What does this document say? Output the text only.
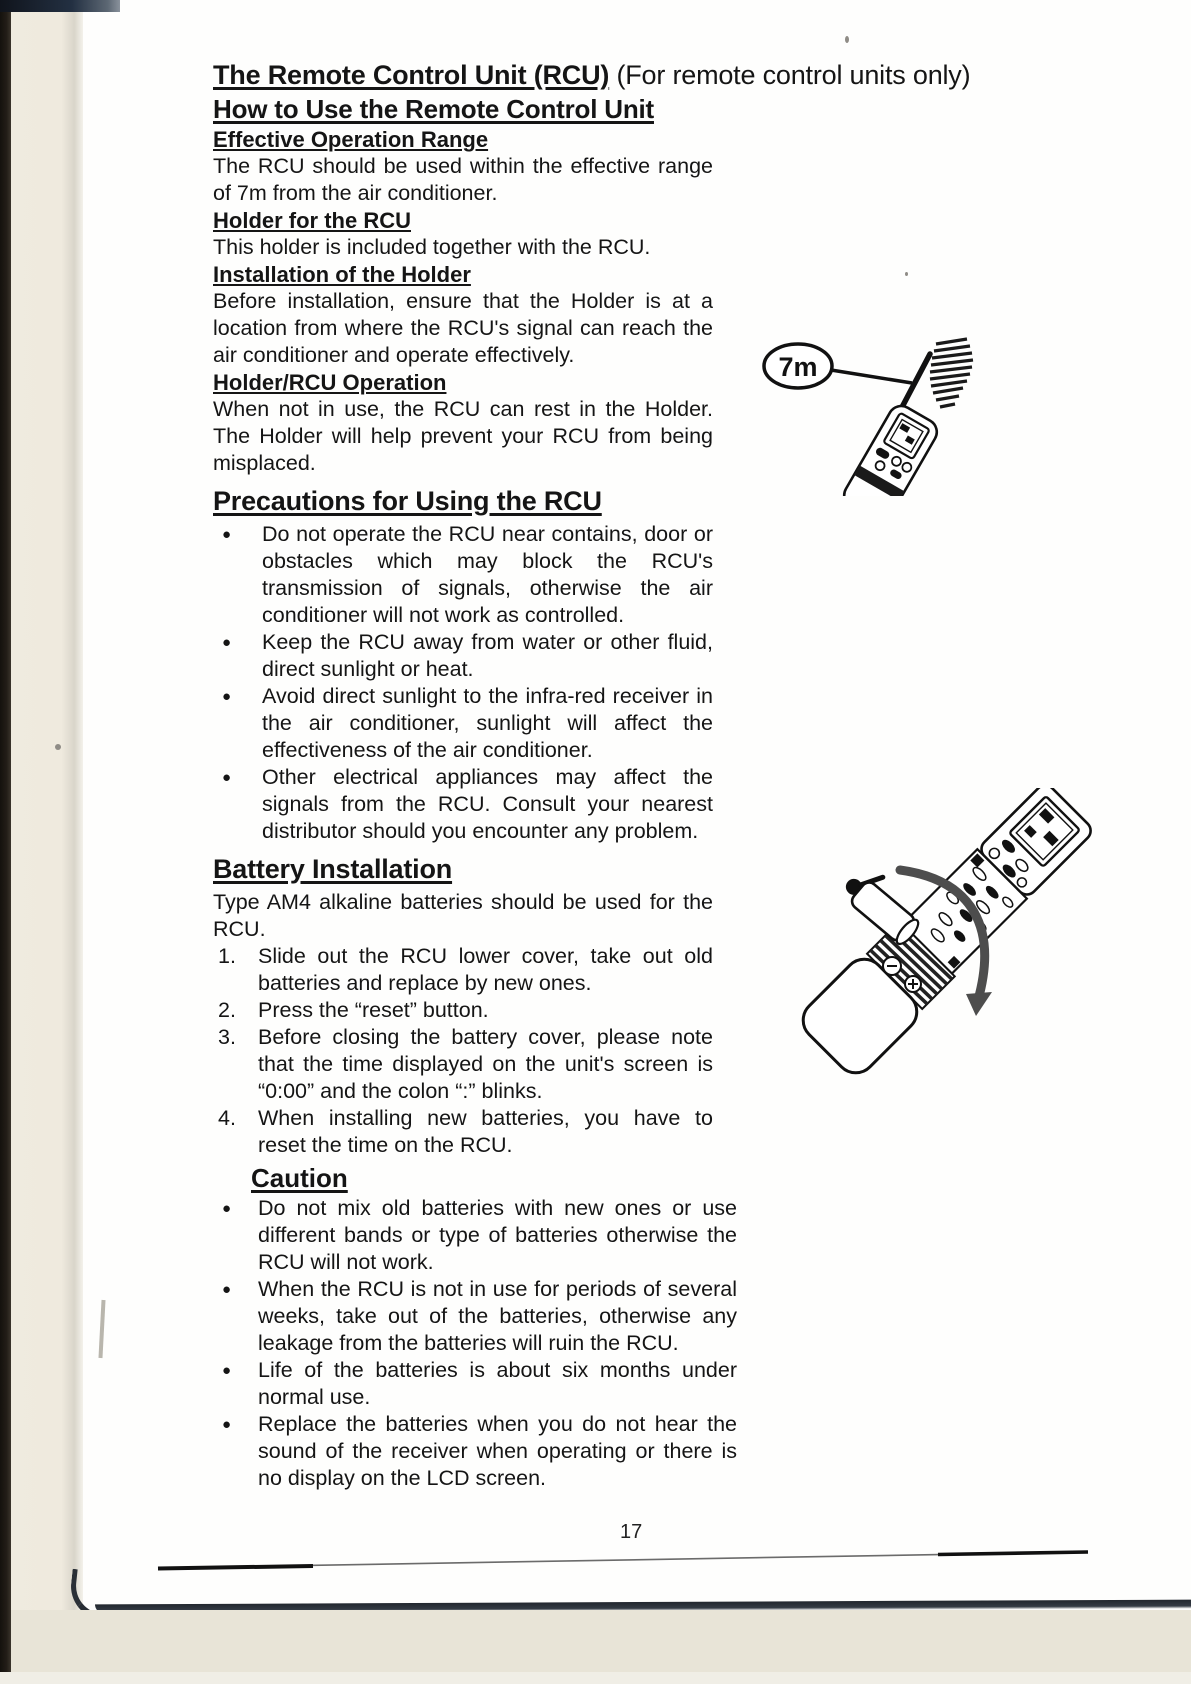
The Remote Control Unit (RCU) (For remote control units only)
How to Use the Remote Control Unit
Effective Operation Range

The RCU should be used within the effective range of 7m from the air conditioner.

Holder for the RCU

This holder is included together with the RCU.

Installation of the Holder

Before installation, ensure that the Holder is at a location from where the RCU's signal can reach the air conditioner and operate effectively.

Holder/RCU Operation

When not in use, the RCU can rest in the Holder. The Holder will help prevent your RCU from being misplaced.

Precautions for Using the RCU
●	Do not operate the RCU near contains, door or obstacles which may block the RCU's transmission of signals, otherwise the air conditioner will not work as controlled.

●	Keep the RCU away from water or other fluid, direct sunlight or heat.

●	Avoid direct sunlight to the infra-red receiver in the air conditioner, sunlight will affect the effectiveness of the air conditioner.

●	Other electrical appliances may affect the signals from the RCU. Consult your nearest distributor should you encounter any problem.

Battery Installation

Type AM4 alkaline batteries should be used for the RCU.

1.	Slide out the RCU lower cover, take out old batteries and replace by new ones.

2.	Press the “reset” button.

3.	Before closing the battery cover, please note that the time displayed on the unit's screen is “0:00” and the colon “:” blinks.

4.	When installing new batteries, you have to reset the time on the RCU.

Caution
●	Do not mix old batteries with new ones or use different bands or type of batteries otherwise the RCU will not work.

●	When the RCU is not in use for periods of several weeks, take out of the batteries, otherwise any leakage from the batteries will ruin the RCU.

●	Life of the batteries is about six months under normal use.

●	Replace the batteries when you do not hear the sound of the receiver when operating or there is no display on the LCD screen.

7m
17
